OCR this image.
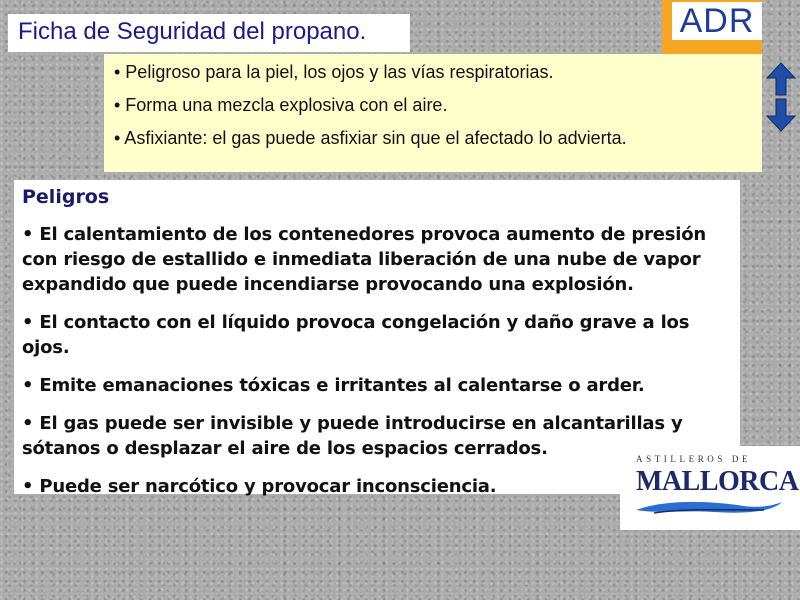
Ficha de Seguridad del propano.	ADR
• Peligroso para la piel, los ojos y las vías respiratorias.
• Forma una mezcla explosiva con el aire.
• Asfixiante: el gas puede asfixiar sin que el afectado lo advierta.
Peligros
• El calentamiento de los contenedores provoca aumento de presión con riesgo de estallido e inmediata liberación de una nube de vapor expandido que puede incendiarse provocando una explosión.
• El contacto con el líquido provoca congelación y daño grave a los ojos.
• Emite emanaciones tóxicas e irritantes al calentarse o arder.
• El gas puede ser invisible y puede introducirse en alcantarillas y sótanos o desplazar el aire de los espacios cerrados.
• Puede ser narcótico y provocar inconsciencia.
ASTILLEROS DE
MALLORCA
